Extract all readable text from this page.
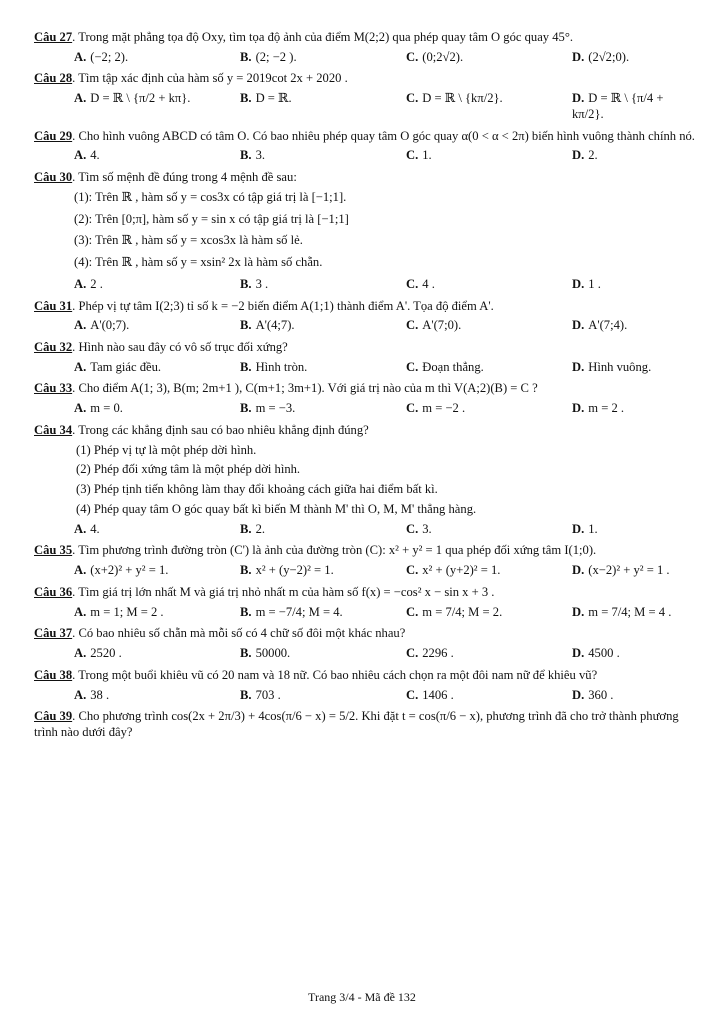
Câu 27. Trong mặt phẳng tọa độ Oxy, tìm tọa độ ảnh của điểm M(2;2) qua phép quay tâm O góc quay 45°.
A. (−2; 2).	B. (2; −2 ).	C. (0;2√2).	D. (2√2;0).
Câu 28. Tìm tập xác định của hàm số y = 2019cot 2x + 2020 .
A. D = ℝ \ {π/2 + kπ}.	B. D = ℝ.	C. D = ℝ \ {kπ/2}.	D. D = ℝ \ {π/4 + kπ/2}.
Câu 29. Cho hình vuông ABCD có tâm O. Có bao nhiêu phép quay tâm O góc quay α(0 < α < 2π) biến hình vuông thành chính nó.
A. 4.	B. 3.	C. 1.	D. 2.
Câu 30. Tìm số mệnh đề đúng trong 4 mệnh đề sau:
(1): Trên ℝ , hàm số y = cos3x có tập giá trị là [−1;1].
(2): Trên [0;π], hàm số y = sin x có tập giá trị là [−1;1]
(3): Trên ℝ , hàm số y = xcos3x là hàm số lẻ.
(4): Trên ℝ , hàm số y = xsin² 2x là hàm số chẵn.
A. 2 .	B. 3 .	C. 4 .	D. 1 .
Câu 31. Phép vị tự tâm I(2;3) tỉ số k = −2 biến điểm A(1;1) thành điểm A'. Tọa độ điểm A'.
A. A'(0;7).	B. A'(4;7).	C. A'(7;0).	D. A'(7;4).
Câu 32. Hình nào sau đây có vô số trục đối xứng?
A. Tam giác đều.	B. Hình tròn.	C. Đoạn thẳng.	D. Hình vuông.
Câu 33. Cho điểm A(1; 3), B(m; 2m+1 ), C(m+1; 3m+1). Với giá trị nào của m thì V(A;2)(B) = C ?
A. m = 0.	B. m = −3.	C. m = −2 .	D. m = 2 .
Câu 34. Trong các khẳng định sau có bao nhiêu khẳng định đúng?
(1) Phép vị tự là một phép dời hình.
(2) Phép đối xứng tâm là một phép dời hình.
(3) Phép tịnh tiến không làm thay đổi khoảng cách giữa hai điểm bất kì.
(4) Phép quay tâm O góc quay bất kì biến M thành M' thì O, M, M' thẳng hàng.
A. 4.	B. 2.	C. 3.	D. 1.
Câu 35. Tìm phương trình đường tròn (C') là ảnh của đường tròn (C): x² + y² = 1 qua phép đối xứng tâm I(1;0).
A. (x+2)² + y² = 1.	B. x² + (y−2)² = 1.	C. x² + (y+2)² = 1.	D. (x−2)² + y² = 1 .
Câu 36. Tìm giá trị lớn nhất M và giá trị nhỏ nhất m của hàm số f(x) = −cos² x − sin x + 3 .
A. m = 1; M = 2 .	B. m = −7/4; M = 4.	C. m = 7/4; M = 2.	D. m = 7/4; M = 4 .
Câu 37. Có bao nhiêu số chẵn mà mỗi số có 4 chữ số đôi một khác nhau?
A. 2520 .	B. 50000.	C. 2296 .	D. 4500 .
Câu 38. Trong một buổi khiêu vũ có 20 nam và 18 nữ. Có bao nhiêu cách chọn ra một đôi nam nữ để khiêu vũ?
A. 38 .	B. 703 .	C. 1406 .	D. 360 .
Câu 39. Cho phương trình cos(2x + 2π/3) + 4cos(π/6 − x) = 5/2. Khi đặt t = cos(π/6 − x), phương trình đã cho trở thành phương trình nào dưới đây?
Trang 3/4 - Mã đề 132
